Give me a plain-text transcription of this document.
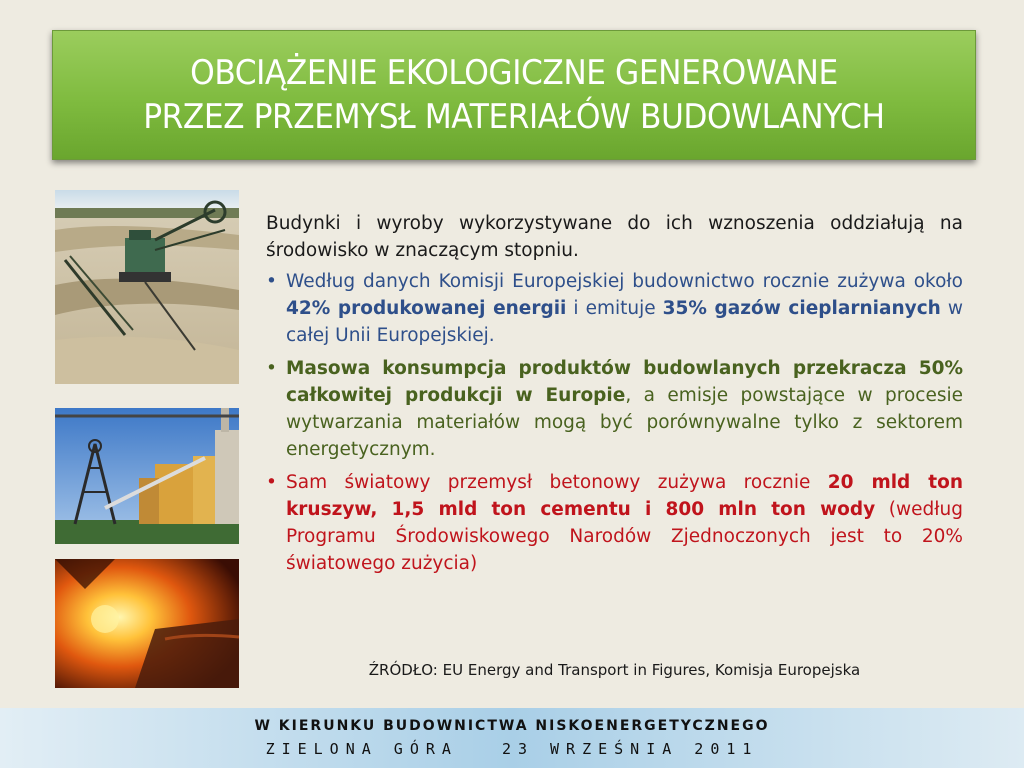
OBCIĄŻENIE EKOLOGICZNE GENEROWANE
PRZEZ PRZEMYSŁ MATERIAŁÓW BUDOWLANYCH

Budynki i wyroby wykorzystywane do ich wznoszenia oddziałują na środowisko w znaczącym stopniu.

• Według danych Komisji Europejskiej budownictwo rocznie zużywa około 42% produkowanej energii i emituje 35% gazów cieplarnianych w całej Unii Europejskiej.

• Masowa konsumpcja produktów budowlanych przekracza 50% całkowitej produkcji w Europie, a emisje powstające w procesie wytwarzania materiałów mogą być porównywalne tylko z sektorem energetycznym.

• Sam światowy przemysł betonowy zużywa rocznie 20 mld ton kruszyw, 1,5 mld ton cementu i 800 mln ton wody (według Programu Środowiskowego Narodów Zjednoczonych jest to 20% światowego zużycia)

ŹRÓDŁO: EU Energy and Transport in Figures, Komisja Europejska
W KIERUNKU BUDOWNICTWA NISKOENERGETYCZNEGO
ZIELONA GÓRA	23 WRZEŚNIA 2011
